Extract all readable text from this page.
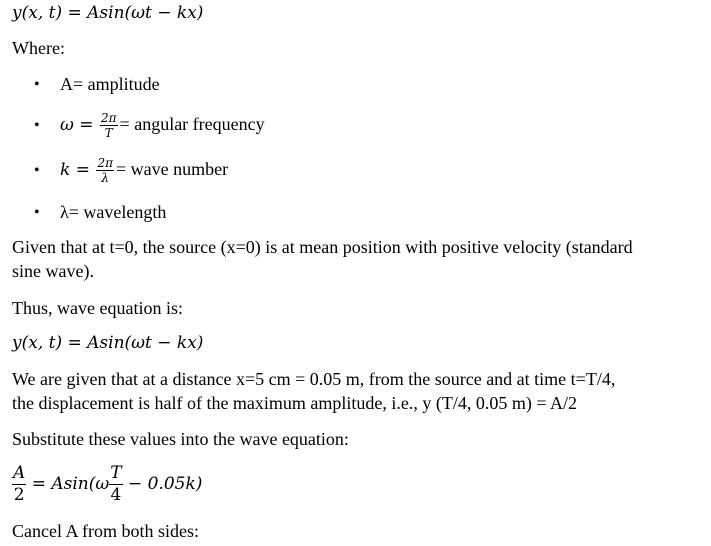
y(x, t) = Asin(ωt − kx)
Where:
• A= amplitude
• $\omega = \frac{2\pi}{T}$ = angular frequency
• $k = \frac{2\pi}{\lambda}$ = wave number
• λ= wavelength
Given that at t=0, the source (x=0) is at mean position with positive velocity (standard
sine wave).
Thus, wave equation is:
y(x, t) = Asin(ωt − kx)
We are given that at a distance x=5 cm = 0.05 m, from the source and at time t=T/4,
the displacement is half of the maximum amplitude, i.e., y (T/4, 0.05 m) = A/2
Substitute these values into the wave equation:
$\frac{A}{2} = Asin(\omega \frac{T}{4} - 0.05k)$
Cancel A from both sides:
